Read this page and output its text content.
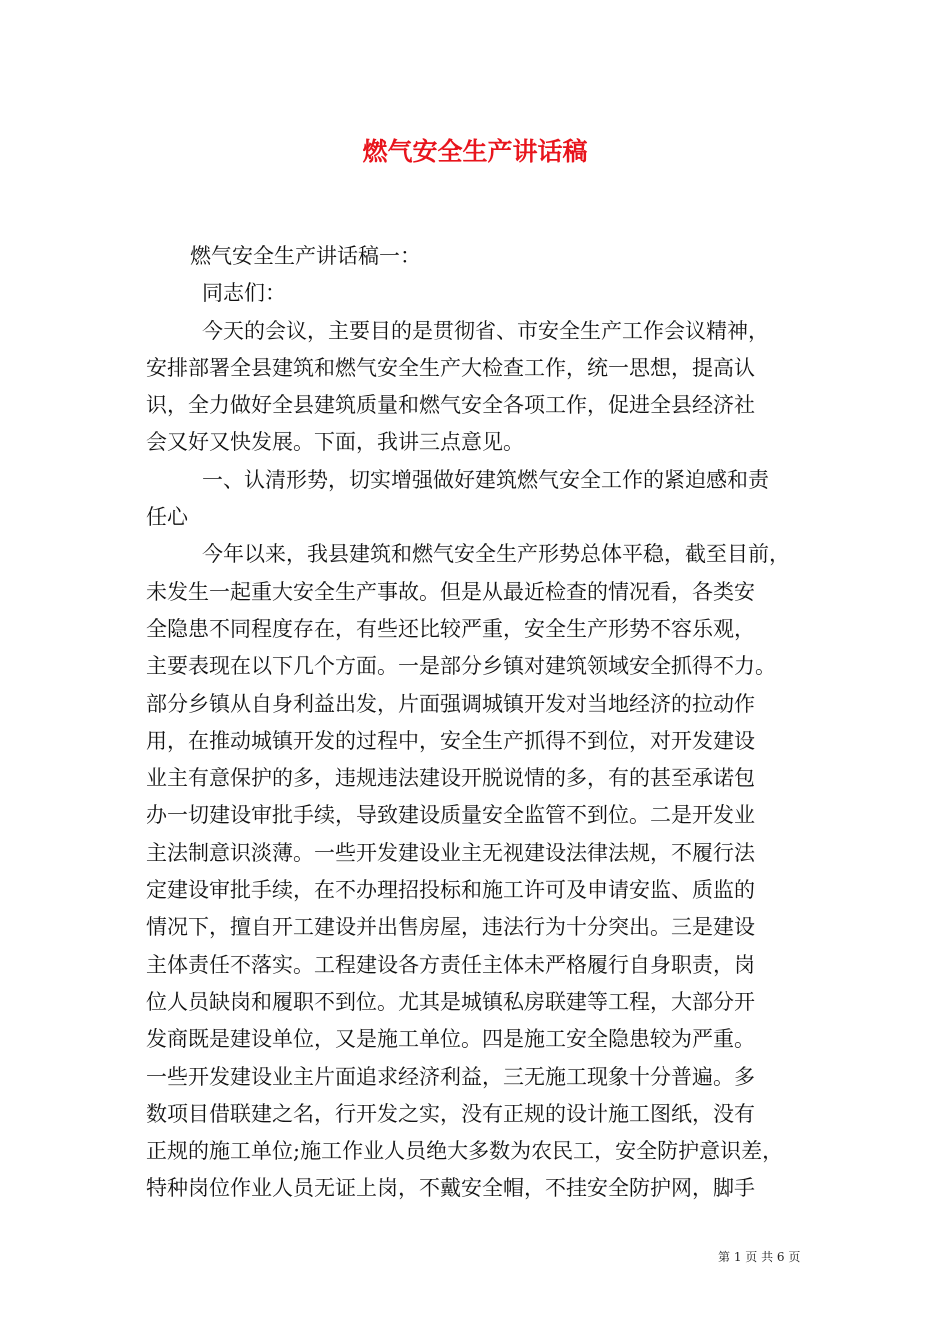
燃气安全生产讲话稿
燃气安全生产讲话稿一：
同志们：
今天的会议，主要目的是贯彻省、市安全生产工作会议精神，
安排部署全县建筑和燃气安全生产大检查工作，统一思想，提高认
识，全力做好全县建筑质量和燃气安全各项工作，促进全县经济社
会又好又快发展。下面，我讲三点意见。
一、认清形势，切实增强做好建筑燃气安全工作的紧迫感和责
任心
今年以来，我县建筑和燃气安全生产形势总体平稳，截至目前，
未发生一起重大安全生产事故。但是从最近检查的情况看，各类安
全隐患不同程度存在，有些还比较严重，安全生产形势不容乐观，
主要表现在以下几个方面。一是部分乡镇对建筑领域安全抓得不力。
部分乡镇从自身利益出发，片面强调城镇开发对当地经济的拉动作
用，在推动城镇开发的过程中，安全生产抓得不到位，对开发建设
业主有意保护的多，违规违法建设开脱说情的多，有的甚至承诺包
办一切建设审批手续，导致建设质量安全监管不到位。二是开发业
主法制意识淡薄。一些开发建设业主无视建设法律法规，不履行法
定建设审批手续，在不办理招投标和施工许可及申请安监、质监的
情况下，擅自开工建设并出售房屋，违法行为十分突出。三是建设
主体责任不落实。工程建设各方责任主体未严格履行自身职责，岗
位人员缺岗和履职不到位。尤其是城镇私房联建等工程，大部分开
发商既是建设单位，又是施工单位。四是施工安全隐患较为严重。
一些开发建设业主片面追求经济利益，三无施工现象十分普遍。多
数项目借联建之名，行开发之实，没有正规的设计施工图纸，没有
正规的施工单位;施工作业人员绝大多数为农民工，安全防护意识差，
特种岗位作业人员无证上岗，不戴安全帽，不挂安全防护网，脚手
第 1 页 共 6 页
